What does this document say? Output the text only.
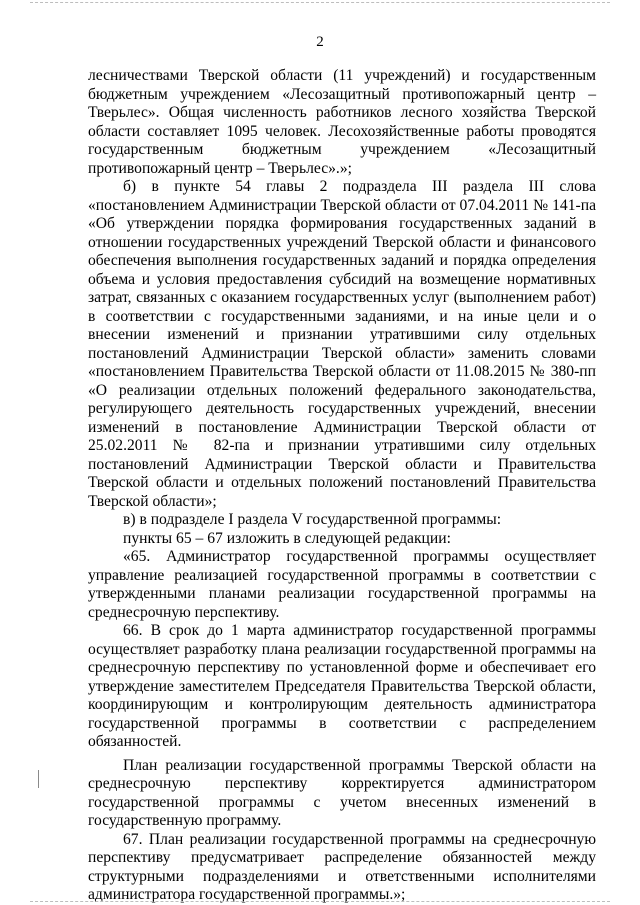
2

лесничествами Тверской области (11 учреждений) и государственным бюджетным учреждением «Лесозащитный противопожарный центр – Тверьлес». Общая численность работников лесного хозяйства Тверской области составляет 1095 человек. Лесохозяйственные работы проводятся государственным бюджетным учреждением «Лесозащитный противопожарный центр – Тверьлес».»;

б) в пункте 54 главы 2 подраздела III раздела III слова «постановлением Администрации Тверской области от 07.04.2011 № 141-па «Об утверждении порядка формирования государственных заданий в отношении государственных учреждений Тверской области и финансового обеспечения выполнения государственных заданий и порядка определения объема и условия предоставления субсидий на возмещение нормативных затрат, связанных с оказанием государственных услуг (выполнением работ) в соответствии с государственными заданиями, и на иные цели и о внесении изменений и признании утратившими силу отдельных постановлений Администрации Тверской области» заменить словами «постановлением Правительства Тверской области от 11.08.2015 № 380-пп «О реализации отдельных положений федерального законодательства, регулирующего деятельность государственных учреждений, внесении изменений в постановление Администрации Тверской области от 25.02.2011 № 82-па и признании утратившими силу отдельных постановлений Администрации Тверской области и Правительства Тверской области и отдельных положений постановлений Правительства Тверской области»;

в) в подразделе I раздела V государственной программы:

пункты 65 – 67 изложить в следующей редакции:

«65. Администратор государственной программы осуществляет управление реализацией государственной программы в соответствии с утвержденными планами реализации государственной программы на среднесрочную перспективу.

66. В срок до 1 марта администратор государственной программы осуществляет разработку плана реализации государственной программы на среднесрочную перспективу по установленной форме и обеспечивает его утверждение заместителем Председателя Правительства Тверской области, координирующим и контролирующим деятельность администратора государственной программы в соответствии с распределением обязанностей.

План реализации государственной программы Тверской области на среднесрочную перспективу корректируется администратором государственной программы с учетом внесенных изменений в государственную программу.

67. План реализации государственной программы на среднесрочную перспективу предусматривает распределение обязанностей между структурными подразделениями и ответственными исполнителями администратора государственной программы.»;
